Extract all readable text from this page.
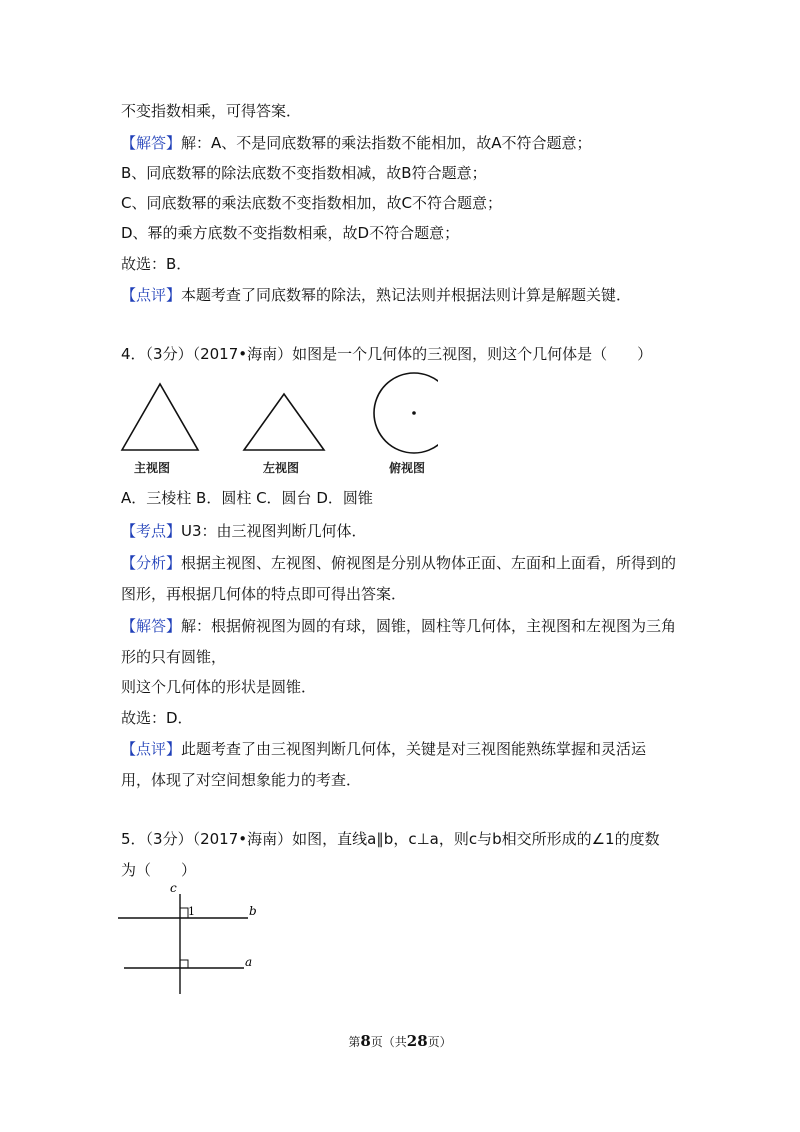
不变指数相乘，可得答案．
【解答】解：A、不是同底数幂的乘法指数不能相加，故A不符合题意；
B、同底数幂的除法底数不变指数相减，故B符合题意；
C、同底数幂的乘法底数不变指数相加，故C不符合题意；
D、幂的乘方底数不变指数相乘，故D不符合题意；
故选：B．
【点评】本题考查了同底数幂的除法，熟记法则并根据法则计算是解题关键．
4．（3分）（2017•海南）如图是一个几何体的三视图，则这个几何体是（　　）
主视图	左视图	俯视图
A．三棱柱 B．圆柱 C．圆台 D．圆锥
【考点】U3：由三视图判断几何体．
【分析】根据主视图、左视图、俯视图是分别从物体正面、左面和上面看，所得到的
图形，再根据几何体的特点即可得出答案．
【解答】解：根据俯视图为圆的有球，圆锥，圆柱等几何体，主视图和左视图为三角
形的只有圆锥，
则这个几何体的形状是圆锥．
故选：D．
【点评】此题考查了由三视图判断几何体，关键是对三视图能熟练掌握和灵活运
用，体现了对空间想象能力的考查．
5．（3分）（2017•海南）如图，直线a∥b，c⊥a，则c与b相交所形成的∠1的度数
为（　　）
c
1	b
a
第8页（共28页）
